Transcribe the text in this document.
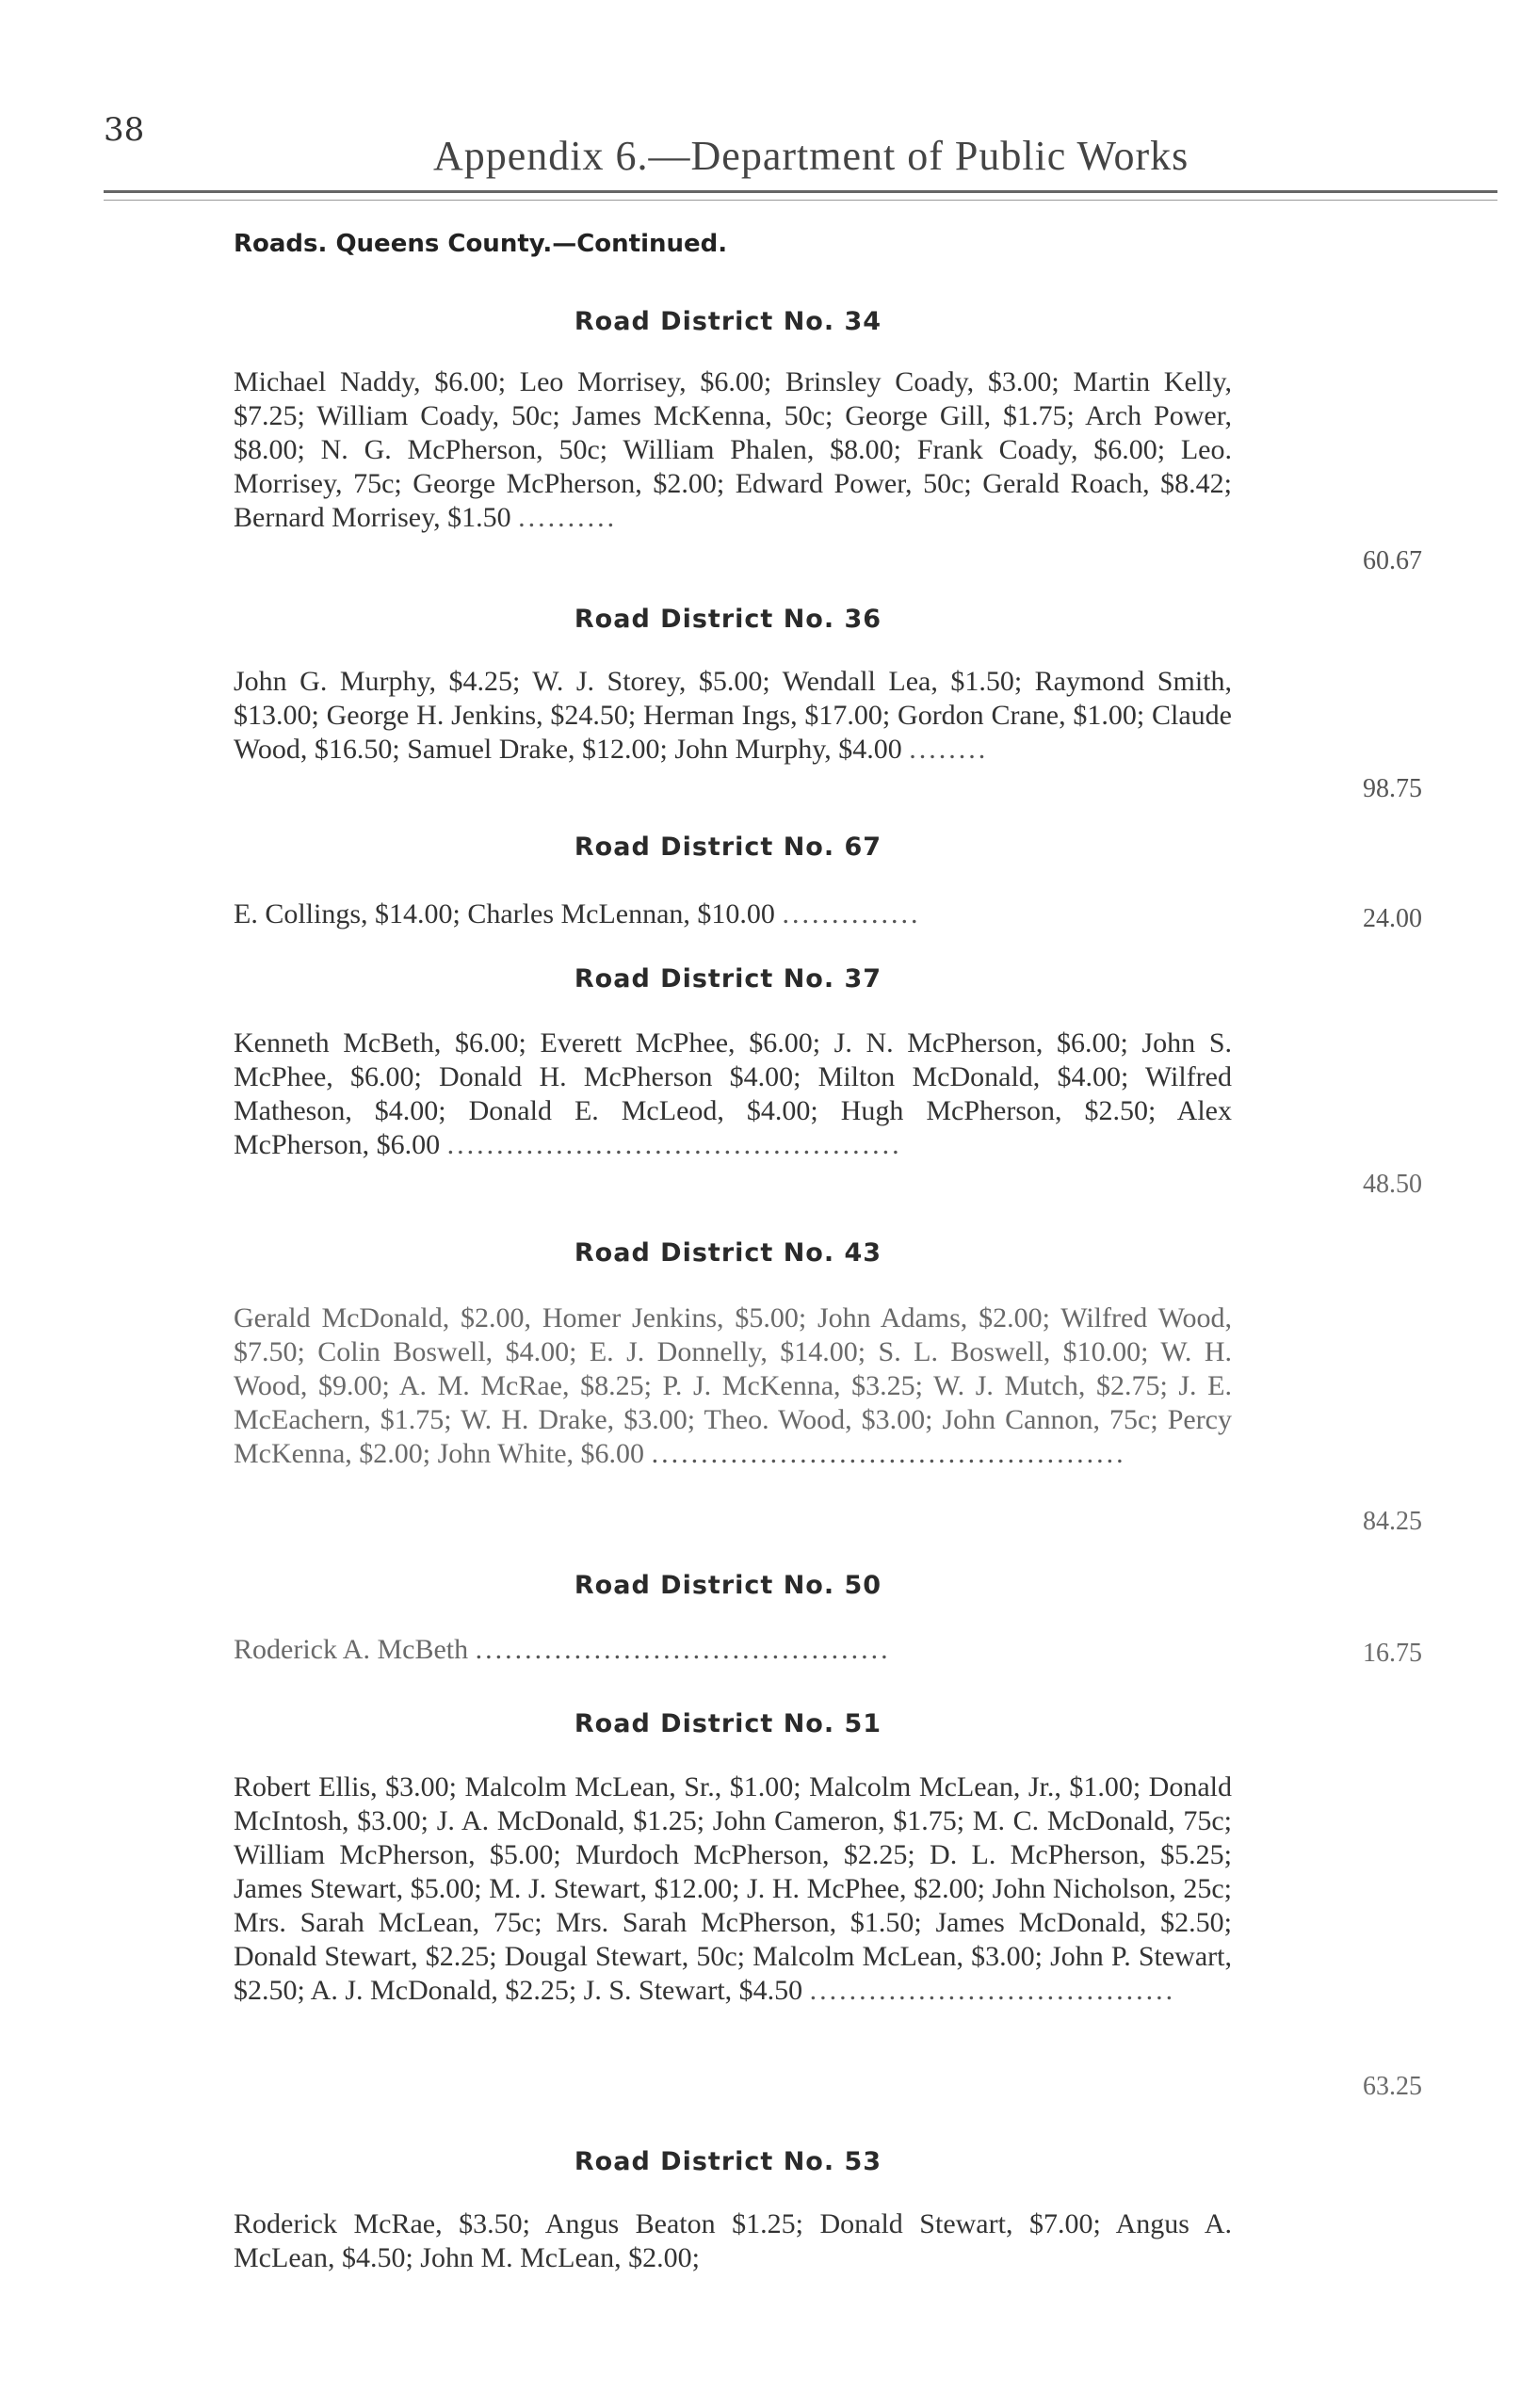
38
Appendix 6.—Department of Public Works
Roads. Queens County.—Continued.
Road District No. 34
Michael Naddy, $6.00; Leo Morrisey, $6.00; Brinsley Coady, $3.00; Martin Kelly, $7.25; William Coady, 50c; James McKenna, 50c; George Gill, $1.75; Arch Power, $8.00; N. G. McPherson, 50c; William Phalen, $8.00; Frank Coady, $6.00; Leo. Morrisey, 75c; George McPherson, $2.00; Edward Power, 50c; Gerald Roach, $8.42; Bernard Morrisey, $1.50 ..........
60.67
Road District No. 36
John G. Murphy, $4.25; W. J. Storey, $5.00; Wendall Lea, $1.50; Raymond Smith, $13.00; George H. Jenkins, $24.50; Herman Ings, $17.00; Gordon Crane, $1.00; Claude Wood, $16.50; Samuel Drake, $12.00; John Murphy, $4.00 ........
98.75
Road District No. 67
E. Collings, $14.00; Charles McLennan, $10.00 ..............	24.00
Road District No. 37
Kenneth McBeth, $6.00; Everett McPhee, $6.00; J. N. McPherson, $6.00; John S. McPhee, $6.00; Donald H. McPherson $4.00; Milton McDonald, $4.00; Wilfred Matheson, $4.00; Donald E. McLeod, $4.00; Hugh McPherson, $2.50; Alex McPherson, $6.00 ..............................................
48.50
Road District No. 43
Gerald McDonald, $2.00, Homer Jenkins, $5.00; John Adams, $2.00; Wilfred Wood, $7.50; Colin Boswell, $4.00; E. J. Donnelly, $14.00; S. L. Boswell, $10.00; W. H. Wood, $9.00; A. M. McRae, $8.25; P. J. McKenna, $3.25; W. J. Mutch, $2.75; J. E. McEachern, $1.75; W. H. Drake, $3.00; Theo. Wood, $3.00; John Cannon, 75c; Percy McKenna, $2.00; John White, $6.00 ................................................
84.25
Road District No. 50
Roderick A. McBeth ..........................................	16.75
Road District No. 51
Robert Ellis, $3.00; Malcolm McLean, Sr., $1.00; Malcolm McLean, Jr., $1.00; Donald McIntosh, $3.00; J. A. McDonald, $1.25; John Cameron, $1.75; M. C. McDonald, 75c; William McPherson, $5.00; Murdoch McPherson, $2.25; D. L. McPherson, $5.25; James Stewart, $5.00; M. J. Stewart, $12.00; J. H. McPhee, $2.00; John Nicholson, 25c; Mrs. Sarah McLean, 75c; Mrs. Sarah McPherson, $1.50; James McDonald, $2.50; Donald Stewart, $2.25; Dougal Stewart, 50c; Malcolm McLean, $3.00; John P. Stewart, $2.50; A. J. McDonald, $2.25; J. S. Stewart, $4.50 .....................................
63.25
Road District No. 53
Roderick McRae, $3.50; Angus Beaton $1.25; Donald Stewart, $7.00; Angus A. McLean, $4.50; John M. McLean, $2.00;
